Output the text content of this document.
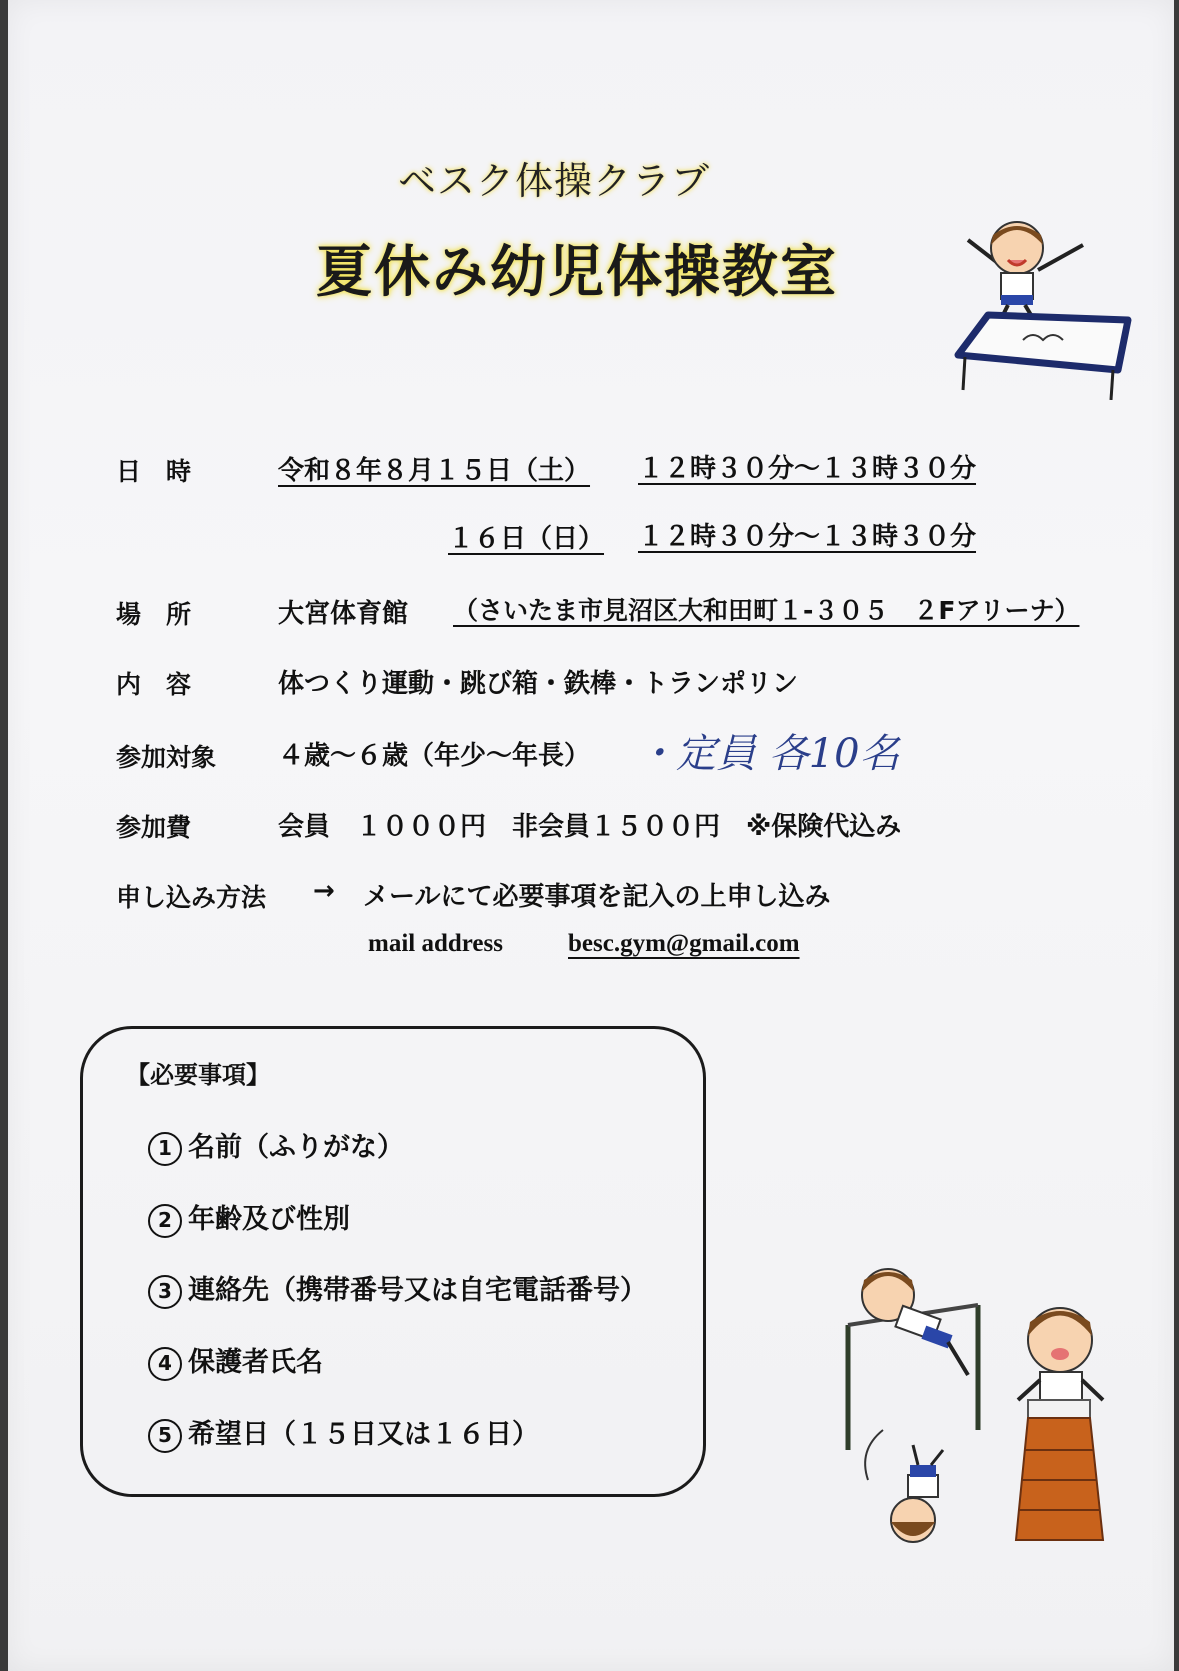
ベスク体操クラブ
夏休み幼児体操教室
日　時	令和８年８月１５日（土） １２時３０分～１３時３０分
１６日（日） １２時３０分～１３時３０分
場　所	大宮体育館 （さいたま市見沼区大和田町１-３０５　２Fアリーナ）
内　容	体つくり運動・跳び箱・鉄棒・トランポリン
参加対象 ４歳～６歳（年少～年長） ・定員 各10名
参加費	会員　１０００円　非会員１５００円　※保険代込み
申し込み方法 → メールにて必要事項を記入の上申し込み
mail address	besc.gym@gmail.com
【必要事項】
1 名前（ふりがな）
2 年齢及び性別
3 連絡先（携帯番号又は自宅電話番号）
4 保護者氏名
5 希望日（１５日又は１６日）
